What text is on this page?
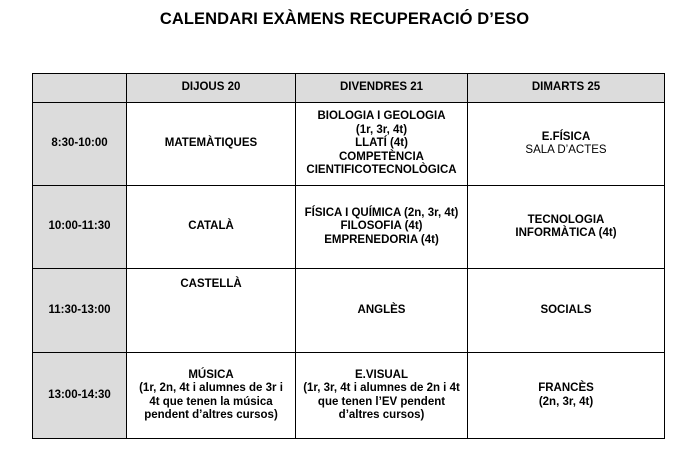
CALENDARI EXÀMENS RECUPERACIÓ D’ESO
	DIJOUS 20	DIVENDRES 21	DIMARTS 25
8:30-10:00	MATEMÀTIQUES	BIOLOGIA I GEOLOGIA
(1r, 3r, 4t)
LLATÍ (4t)
COMPETÈNCIA
CIENTIFICOTECNOLÒGICA	E.FÍSICA
SALA D’ACTES

10:00-11:30	CATALÀ	FÍSICA I QUÍMICA (2n, 3r, 4t)
FILOSOFIA (4t)
EMPRENEDORIA (4t)	TECNOLOGIA
INFORMÀTICA (4t)

11:30-13:00	CASTELLÀ	ANGLÈS	SOCIALS

13:00-14:30	MÚSICA
(1r, 2n, 4t i alumnes de 3r i
4t que tenen la música
pendent d’altres cursos)	E.VISUAL
(1r, 3r, 4t i alumnes de 2n i 4t
que tenen l’EV pendent
d’altres cursos)	FRANCÈS
(2n, 3r, 4t)
